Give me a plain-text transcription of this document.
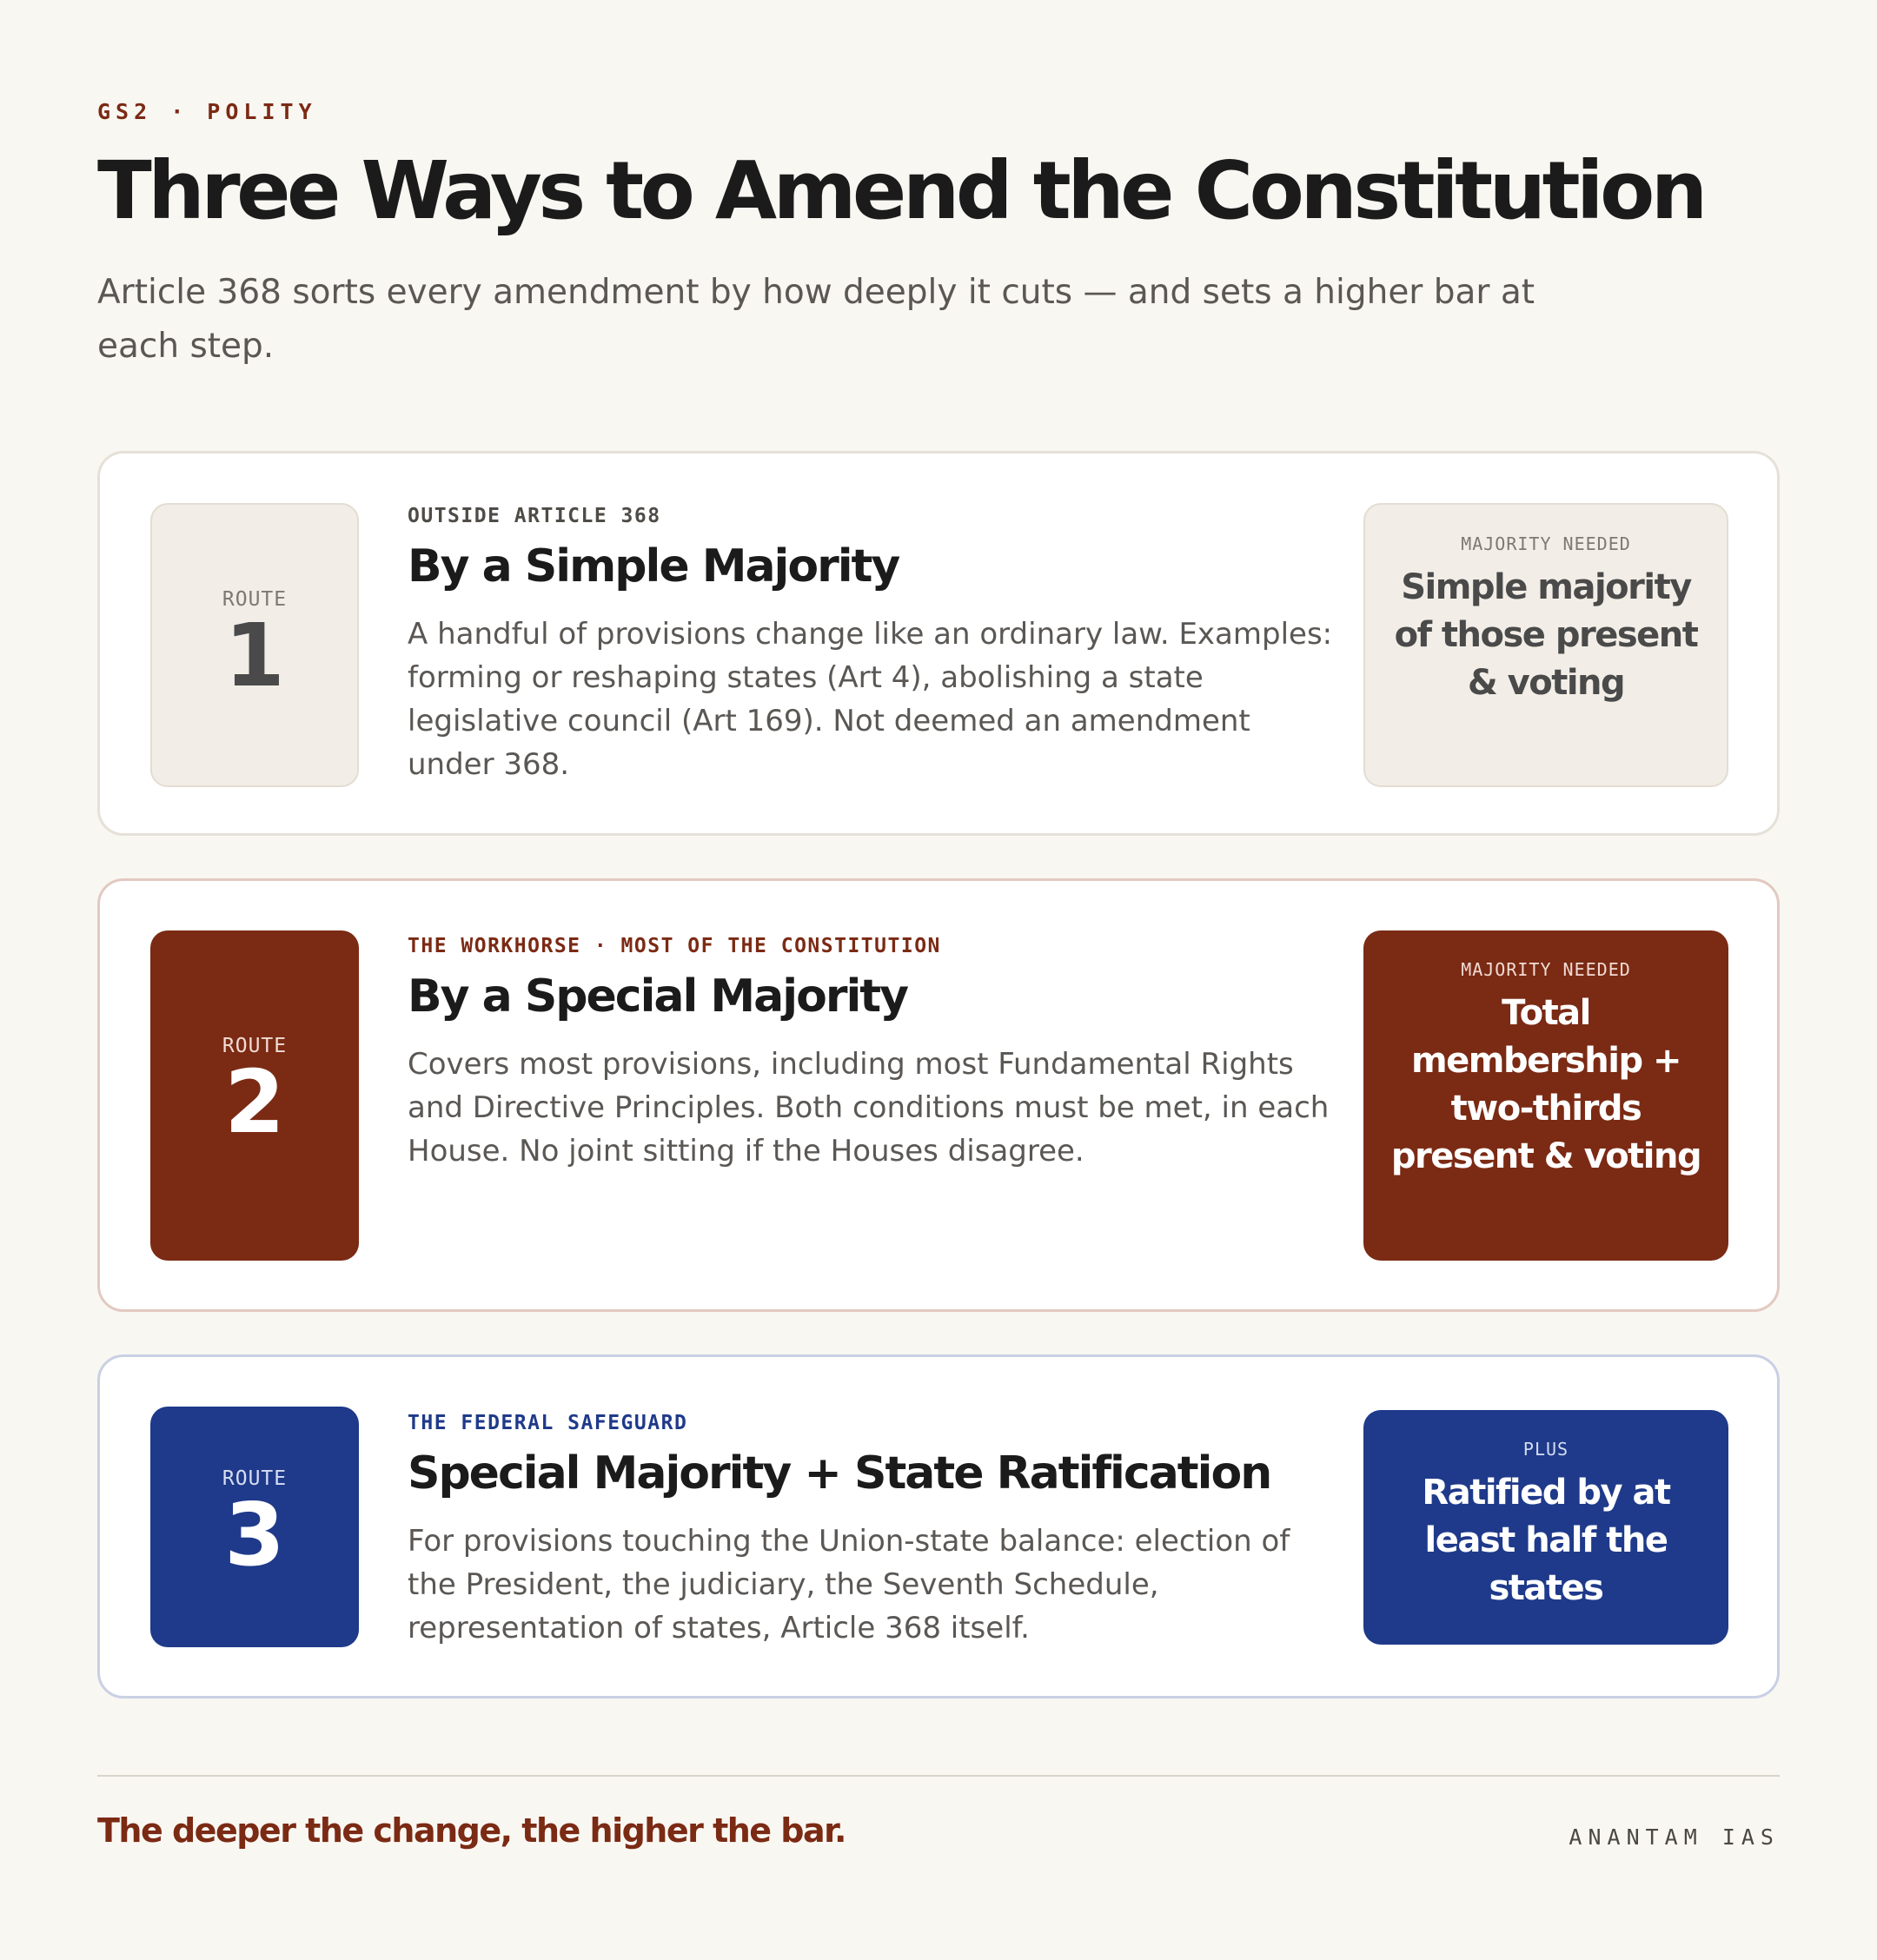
GS2 · POLITY
Three Ways to Amend the Constitution
Article 368 sorts every amendment by how deeply it cuts — and sets a higher bar at each step.
ROUTE
1
OUTSIDE ARTICLE 368
By a Simple Majority
A handful of provisions change like an ordinary law. Examples: forming or reshaping states (Art 4), abolishing a state legislative council (Art 169). Not deemed an amendment under 368.
MAJORITY NEEDED
Simple majority of those present & voting
ROUTE
2
THE WORKHORSE · MOST OF THE CONSTITUTION
By a Special Majority
Covers most provisions, including most Fundamental Rights and Directive Principles. Both conditions must be met, in each House. No joint sitting if the Houses disagree.
MAJORITY NEEDED
Total membership + two-thirds present & voting
ROUTE
3
THE FEDERAL SAFEGUARD
Special Majority + State Ratification
For provisions touching the Union-state balance: election of the President, the judiciary, the Seventh Schedule, representation of states, Article 368 itself.
PLUS
Ratified by at least half the states
The deeper the change, the higher the bar.	ANANTAM IAS
